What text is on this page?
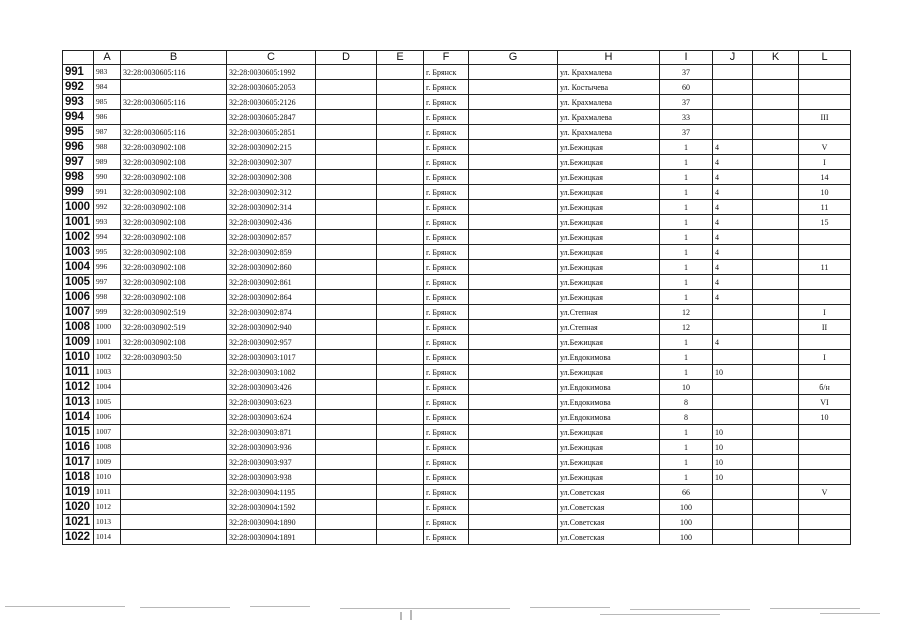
	A	B	C	D	E	F	G	H	I	J	K	L
991	983	32:28:0030605:116	32:28:0030605:1992			г. Брянск		ул. Крахмалева	37			
992	984		32:28:0030605:2053			г. Брянск		ул. Костычева	60			
993	985	32:28:0030605:116	32:28:0030605:2126			г. Брянск		ул. Крахмалева	37			
994	986		32:28:0030605:2847			г. Брянск		ул. Крахмалева	33			III
995	987	32:28:0030605:116	32:28:0030605:2851			г. Брянск		ул. Крахмалева	37			
996	988	32:28:0030902:108	32:28:0030902:215			г. Брянск		ул.Бежицкая	1	4		V
997	989	32:28:0030902:108	32:28:0030902:307			г. Брянск		ул.Бежицкая	1	4		I
998	990	32:28:0030902:108	32:28:0030902:308			г. Брянск		ул.Бежицкая	1	4		14
999	991	32:28:0030902:108	32:28:0030902:312			г. Брянск		ул.Бежицкая	1	4		10
1000	992	32:28:0030902:108	32:28:0030902:314			г. Брянск		ул.Бежицкая	1	4		11
1001	993	32:28:0030902:108	32:28:0030902:436			г. Брянск		ул.Бежицкая	1	4		15
1002	994	32:28:0030902:108	32:28:0030902:857			г. Брянск		ул.Бежицкая	1	4		
1003	995	32:28:0030902:108	32:28:0030902:859			г. Брянск		ул.Бежицкая	1	4		
1004	996	32:28:0030902:108	32:28:0030902:860			г. Брянск		ул.Бежицкая	1	4		11
1005	997	32:28:0030902:108	32:28:0030902:861			г. Брянск		ул.Бежицкая	1	4		
1006	998	32:28:0030902:108	32:28:0030902:864			г. Брянск		ул.Бежицкая	1	4		
1007	999	32:28:0030902:519	32:28:0030902:874			г. Брянск		ул.Степная	12			I
1008	1000	32:28:0030902:519	32:28:0030902:940			г. Брянск		ул.Степная	12			II
1009	1001	32:28:0030902:108	32:28:0030902:957			г. Брянск		ул.Бежицкая	1	4		
1010	1002	32:28:0030903:50	32:28:0030903:1017			г. Брянск		ул.Евдокимова	1			I
1011	1003		32:28:0030903:1082			г. Брянск		ул.Бежицкая	1	10		
1012	1004		32:28:0030903:426			г. Брянск		ул.Евдокимова	10			б/н
1013	1005		32:28:0030903:623			г. Брянск		ул.Евдокимова	8			VI
1014	1006		32:28:0030903:624			г. Брянск		ул.Евдокимова	8			10
1015	1007		32:28:0030903:871			г. Брянск		ул.Бежицкая	1	10		
1016	1008		32:28:0030903:936			г. Брянск		ул.Бежицкая	1	10		
1017	1009		32:28:0030903:937			г. Брянск		ул.Бежицкая	1	10		
1018	1010		32:28:0030903:938			г. Брянск		ул.Бежицкая	1	10		
1019	1011		32:28:0030904:1195			г. Брянск		ул.Советская	66			V
1020	1012		32:28:0030904:1592			г. Брянск		ул.Советская	100			
1021	1013		32:28:0030904:1890			г. Брянск		ул.Советская	100			
1022	1014		32:28:0030904:1891			г. Брянск		ул.Советская	100			
